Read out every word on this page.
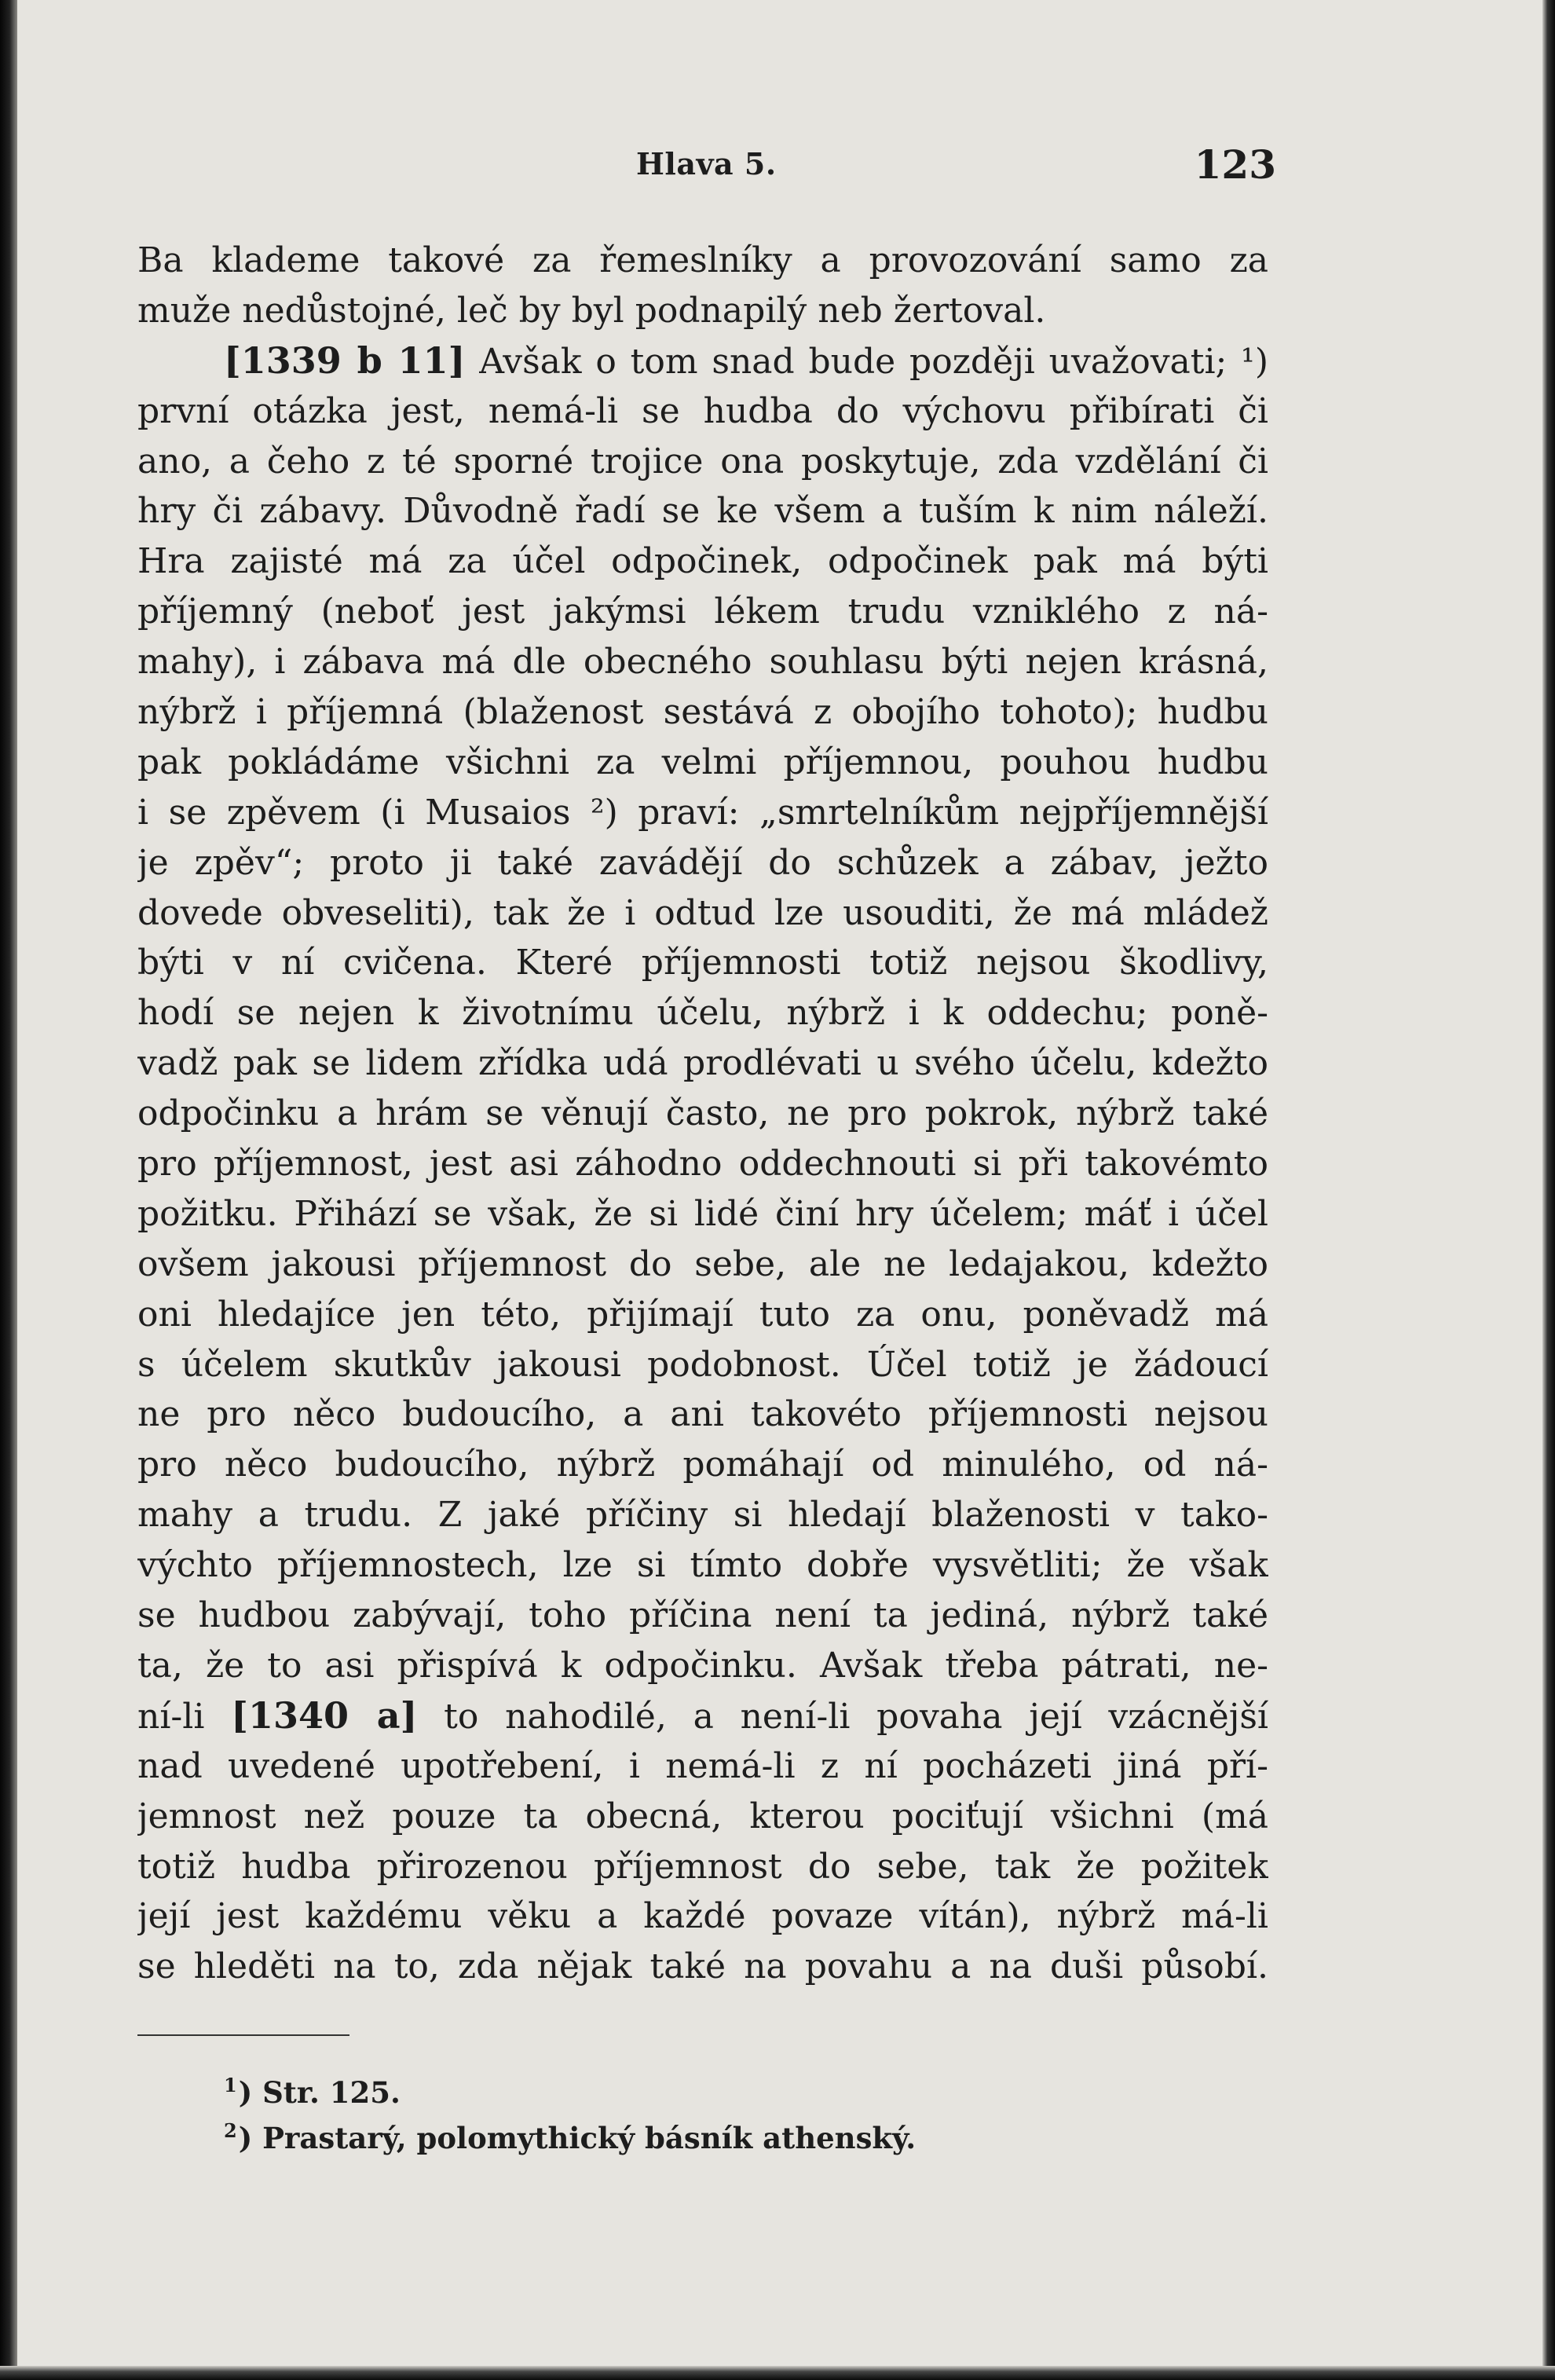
Hlava 5.	123
Ba klademe takové za řemeslníky a provozování samo za
muže nedůstojné, leč by byl podnapilý neb žertoval.
[1339 b 11] Avšak o tom snad bude později uvažovati; ¹)
první otázka jest, nemá-li se hudba do výchovu přibírati či
ano, a čeho z té sporné trojice ona poskytuje, zda vzdělání či
hry či zábavy. Důvodně řadí se ke všem a tuším k nim náleží.
Hra zajisté má za účel odpočinek, odpočinek pak má býti
příjemný (neboť jest jakýmsi lékem trudu vzniklého z ná-
mahy), i zábava má dle obecného souhlasu býti nejen krásná,
nýbrž i příjemná (blaženost sestává z obojího tohoto); hudbu
pak pokládáme všichni za velmi příjemnou, pouhou hudbu
i se zpěvem (i Musaios ²) praví: „smrtelníkům nejpříjemnější
je zpěv“; proto ji také zavádějí do schůzek a zábav, ježto
dovede obveseliti), tak že i odtud lze usouditi, že má mládež
býti v ní cvičena. Které příjemnosti totiž nejsou škodlivy,
hodí se nejen k životnímu účelu, nýbrž i k oddechu; poně-
vadž pak se lidem zřídka udá prodlévati u svého účelu, kdežto
odpočinku a hrám se věnují často, ne pro pokrok, nýbrž také
pro příjemnost, jest asi záhodno oddechnouti si při takovémto
požitku. Přihází se však, že si lidé činí hry účelem; máť i účel
ovšem jakousi příjemnost do sebe, ale ne ledajakou, kdežto
oni hledajíce jen této, přijímají tuto za onu, poněvadž má
s účelem skutkův jakousi podobnost. Účel totiž je žádoucí
ne pro něco budoucího, a ani takovéto příjemnosti nejsou
pro něco budoucího, nýbrž pomáhají od minulého, od ná-
mahy a trudu. Z jaké příčiny si hledají blaženosti v tako-
výchto příjemnostech, lze si tímto dobře vysvětliti; že však
se hudbou zabývají, toho příčina není ta jediná, nýbrž také
ta, že to asi přispívá k odpočinku. Avšak třeba pátrati, ne-
ní-li [1340 a] to nahodilé, a není-li povaha její vzácnější
nad uvedené upotřebení, i nemá-li z ní pocházeti jiná pří-
jemnost než pouze ta obecná, kterou pociťují všichni (má
totiž hudba přirozenou příjemnost do sebe, tak že požitek
její jest každému věku a každé povaze vítán), nýbrž má-li
se hleděti na to, zda nějak také na povahu a na duši působí.
$^1$) Str. 125.
$^2$) Prastarý, polomythický básník athenský.
